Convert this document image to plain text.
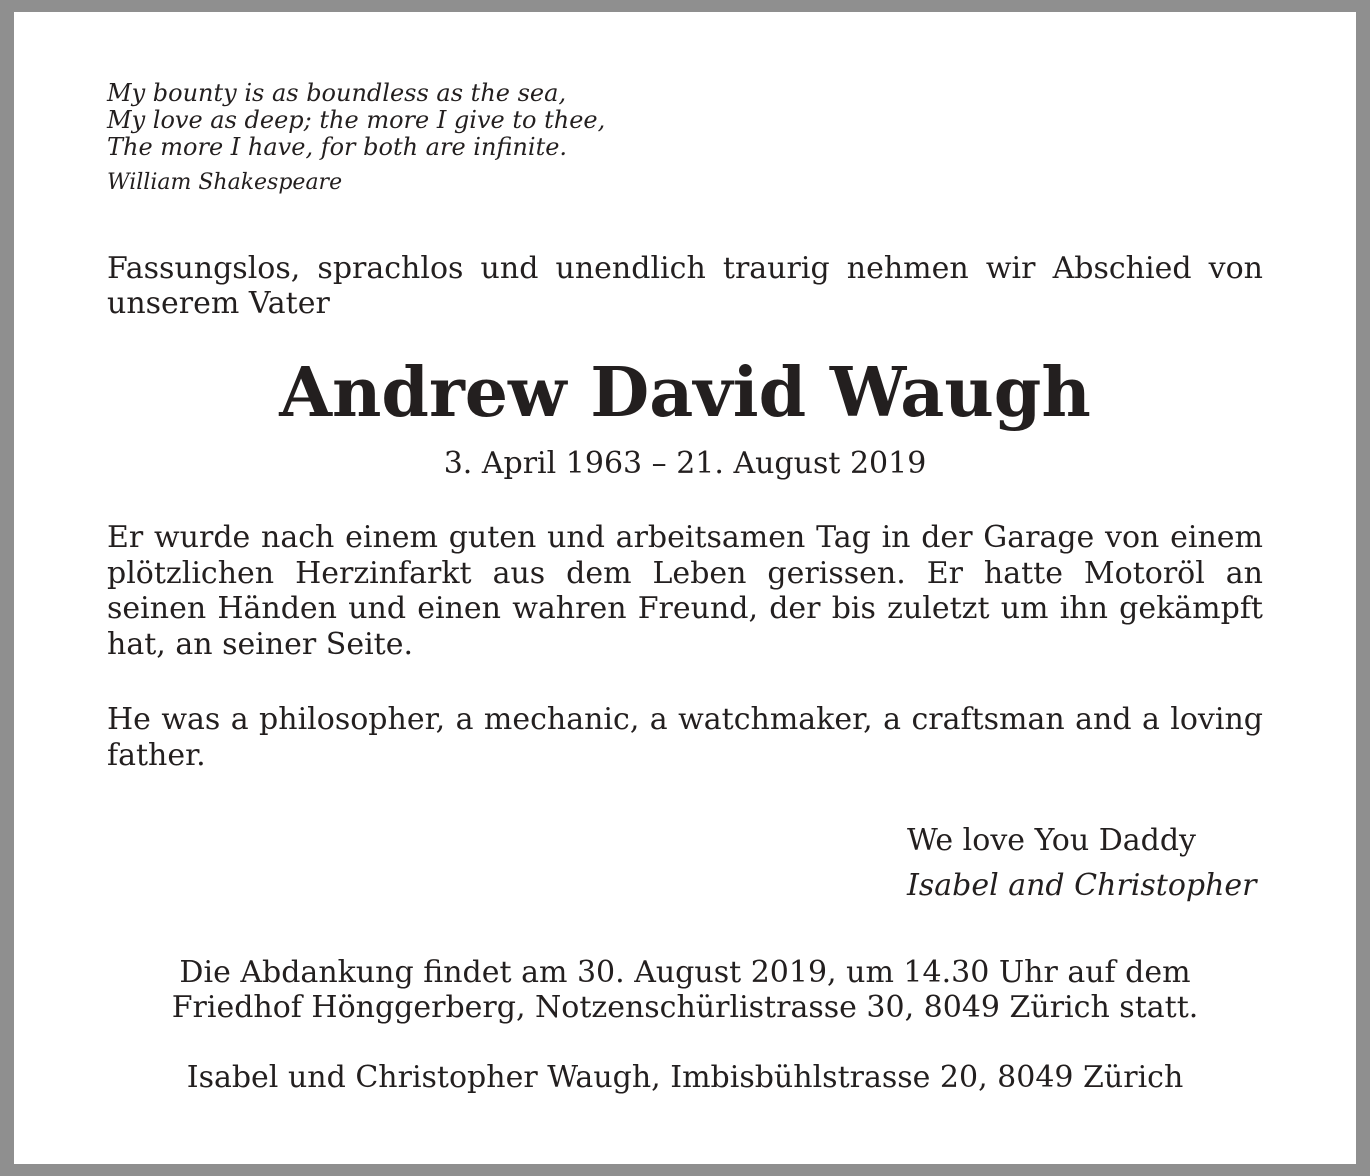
My bounty is as boundless as the sea,
My love as deep; the more I give to thee,
The more I have, for both are infinite.
William Shakespeare
Fassungslos, sprachlos und unendlich traurig nehmen wir Abschied von unserem Vater
Andrew David Waugh
3. April 1963 – 21. August 2019
Er wurde nach einem guten und arbeitsamen Tag in der Garage von einem plötzlichen Herzinfarkt aus dem Leben gerissen. Er hatte Motoröl an seinen Händen und einen wahren Freund, der bis zuletzt um ihn gekämpft hat, an seiner Seite.
He was a philosopher, a mechanic, a watchmaker, a craftsman and a loving father.
We love You Daddy
Isabel and Christopher
Die Abdankung findet am 30. August 2019, um 14.30 Uhr auf dem
Friedhof Hönggerberg, Notzenschürlistrasse 30, 8049 Zürich statt.
Isabel und Christopher Waugh, Imbisbühlstrasse 20, 8049 Zürich
